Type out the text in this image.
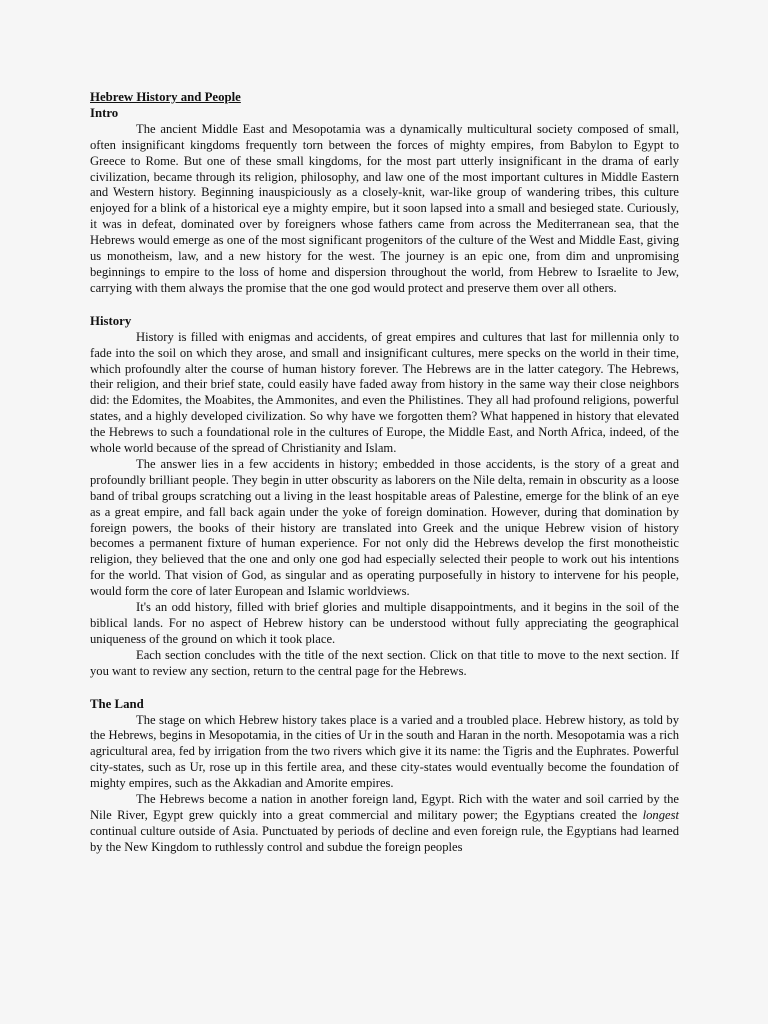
Hebrew History and People

Intro

The ancient Middle East and Mesopotamia was a dynamically multicultural society composed of small, often insignificant kingdoms frequently torn between the forces of mighty empires, from Babylon to Egypt to Greece to Rome. But one of these small kingdoms, for the most part utterly insignificant in the drama of early civilization, became through its religion, philosophy, and law one of the most important cultures in Middle Eastern and Western history. Beginning inauspiciously as a closely-knit, war-like group of wandering tribes, this culture enjoyed for a blink of a historical eye a mighty empire, but it soon lapsed into a small and besieged state. Curiously, it was in defeat, dominated over by foreigners whose fathers came from across the Mediterranean sea, that the Hebrews would emerge as one of the most significant progenitors of the culture of the West and Middle East, giving us monotheism, law, and a new history for the west. The journey is an epic one, from dim and unpromising beginnings to empire to the loss of home and dispersion throughout the world, from Hebrew to Israelite to Jew, carrying with them always the promise that the one god would protect and preserve them over all others.

History

History is filled with enigmas and accidents, of great empires and cultures that last for millennia only to fade into the soil on which they arose, and small and insignificant cultures, mere specks on the world in their time, which profoundly alter the course of human history forever. The Hebrews are in the latter category. The Hebrews, their religion, and their brief state, could easily have faded away from history in the same way their close neighbors did: the Edomites, the Moabites, the Ammonites, and even the Philistines. They all had profound religions, powerful states, and a highly developed civilization. So why have we forgotten them? What happened in history that elevated the Hebrews to such a foundational role in the cultures of Europe, the Middle East, and North Africa, indeed, of the whole world because of the spread of Christianity and Islam.

The answer lies in a few accidents in history; embedded in those accidents, is the story of a great and profoundly brilliant people. They begin in utter obscurity as laborers on the Nile delta, remain in obscurity as a loose band of tribal groups scratching out a living in the least hospitable areas of Palestine, emerge for the blink of an eye as a great empire, and fall back again under the yoke of foreign domination. However, during that domination by foreign powers, the books of their history are translated into Greek and the unique Hebrew vision of history becomes a permanent fixture of human experience. For not only did the Hebrews develop the first monotheistic religion, they believed that the one and only one god had especially selected their people to work out his intentions for the world. That vision of God, as singular and as operating purposefully in history to intervene for his people, would form the core of later European and Islamic worldviews.

It's an odd history, filled with brief glories and multiple disappointments, and it begins in the soil of the biblical lands. For no aspect of Hebrew history can be understood without fully appreciating the geographical uniqueness of the ground on which it took place.

Each section concludes with the title of the next section. Click on that title to move to the next section. If you want to review any section, return to the central page for the Hebrews.

The Land

The stage on which Hebrew history takes place is a varied and a troubled place. Hebrew history, as told by the Hebrews, begins in Mesopotamia, in the cities of Ur in the south and Haran in the north. Mesopotamia was a rich agricultural area, fed by irrigation from the two rivers which give it its name: the Tigris and the Euphrates. Powerful city-states, such as Ur, rose up in this fertile area, and these city-states would eventually become the foundation of mighty empires, such as the Akkadian and Amorite empires.

The Hebrews become a nation in another foreign land, Egypt. Rich with the water and soil carried by the Nile River, Egypt grew quickly into a great commercial and military power; the Egyptians created the longest continual culture outside of Asia. Punctuated by periods of decline and even foreign rule, the Egyptians had learned by the New Kingdom to ruthlessly control and subdue the foreign peoples
